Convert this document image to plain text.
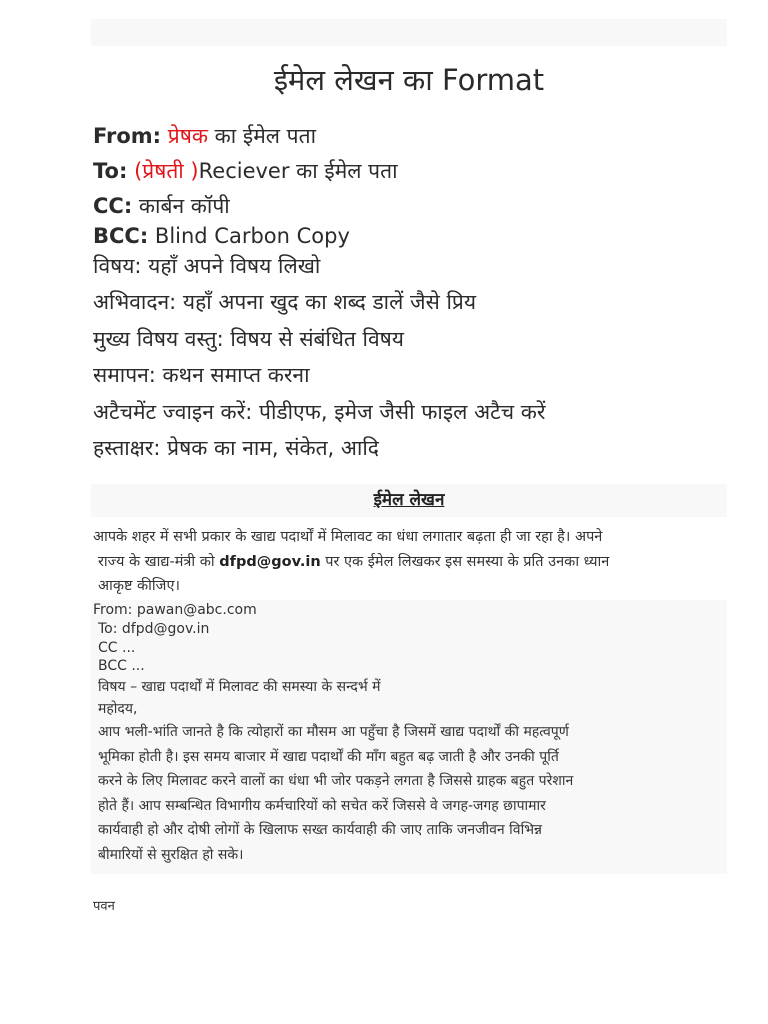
ईमेल लेखन का Format
From: प्रेषक का ईमेल पता
To: (प्रेषती )Reciever का ईमेल पता
CC: कार्बन कॉपी
BCC: Blind Carbon Copy
विषय: यहाँ अपने विषय लिखो
अभिवादन: यहाँ अपना खुद का शब्द डालें जैसे प्रिय
मुख्य विषय वस्तु: विषय से संबंधित विषय
समापन: कथन समाप्त करना
अटैचमेंट ज्वाइन करें: पीडीएफ, इमेज जैसी फाइल अटैच करें
हस्ताक्षर: प्रेषक का नाम, संकेत, आदि
ईमेल लेखन
आपके शहर में सभी प्रकार के खाद्य पदार्थों में मिलावट का धंधा लगातार बढ़ता ही जा रहा है। अपने
राज्य के खाद्य-मंत्री को dfpd@gov.in पर एक ईमेल लिखकर इस समस्या के प्रति उनका ध्यान
आकृष्ट कीजिए।
From: pawan@abc.com
To: dfpd@gov.in
CC ...
BCC ...
विषय – खाद्य पदार्थों में मिलावट की समस्या के सन्दर्भ में
महोदय,
आप भली-भांति जानते है कि त्योहारों का मौसम आ पहुँचा है जिसमें खाद्य पदार्थों की महत्वपूर्ण
भूमिका होती है। इस समय बाजार में खाद्य पदार्थों की माँग बहुत बढ़ जाती है और उनकी पूर्ति
करने के लिए मिलावट करने वालों का धंधा भी जोर पकड़ने लगता है जिससे ग्राहक बहुत परेशान
होते हैं। आप सम्बन्धित विभागीय कर्मचारियों को सचेत करें जिससे वे जगह-जगह छापामार
कार्यवाही हो और दोषी लोगों के खिलाफ सख्त कार्यवाही की जाए ताकि जनजीवन विभिन्न
बीमारियों से सुरक्षित हो सके।
पवन
